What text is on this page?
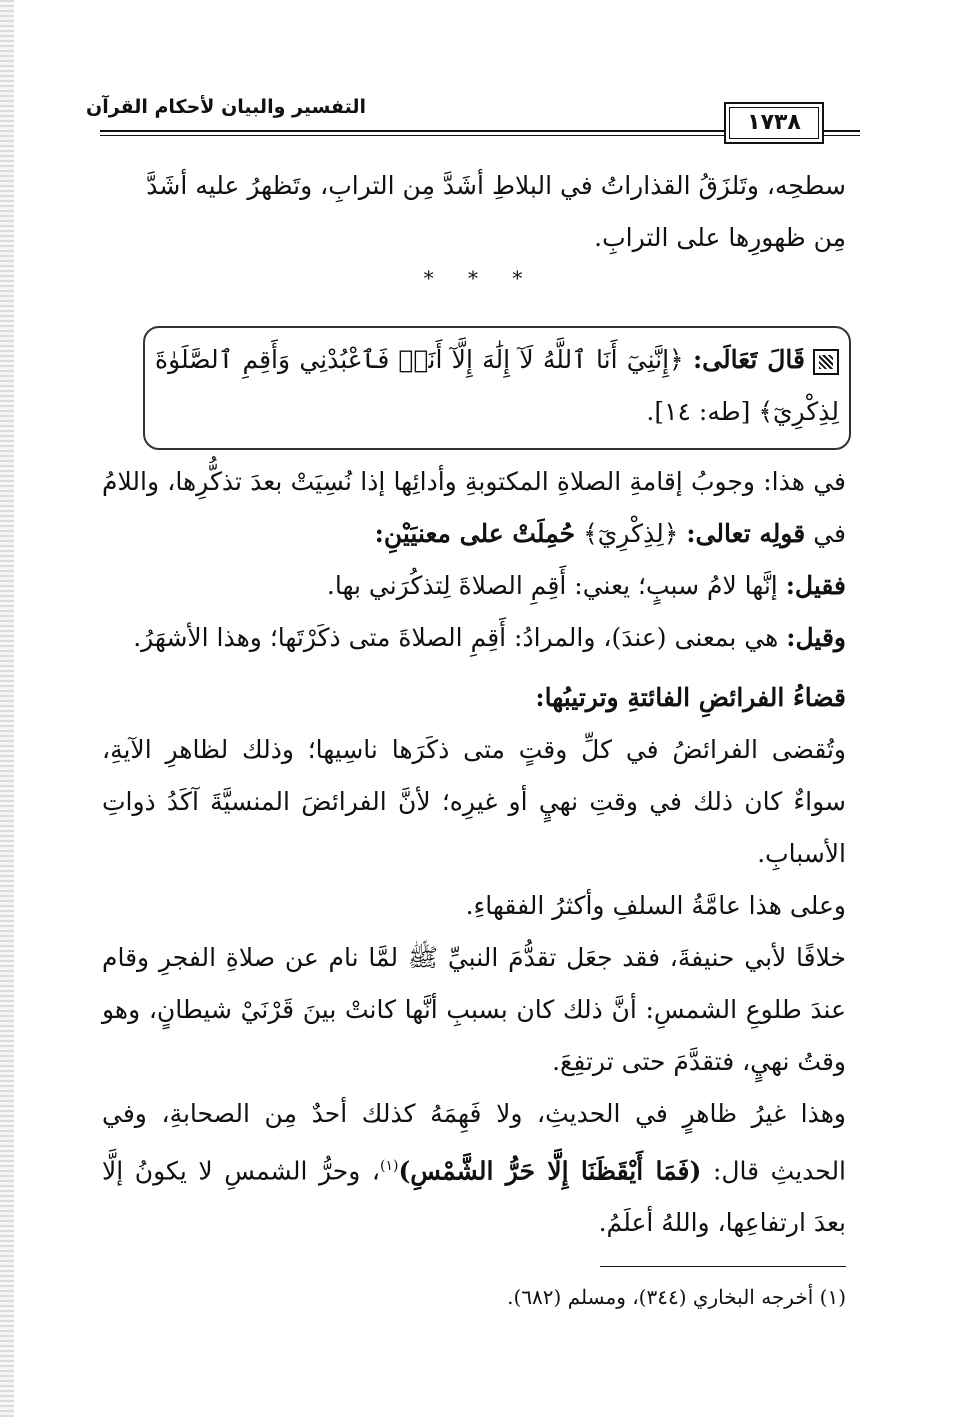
التفسير والبيان لأحكام القرآن
١٧٣٨

سطحِه، وتَلزَقُ القذاراتُ في البلاطِ أشَدَّ مِن الترابِ، وتَظهرُ عليه أشَدَّ

مِن ظهورِها على الترابِ.

* * *
قَالَ تَعَالَى: ﴿إِنَّنِيٓ أَنَا ٱللَّهُ لَآ إِلَٰهَ إِلَّآ أَنَا۠ فَٱعْبُدْنِي وَأَقِمِ ٱلصَّلَوٰةَ لِذِكْرِيٓ﴾ [طه: ١٤].

في هذا: وجوبُ إقامةِ الصلاةِ المكتوبةِ وأدائِها إذا نُسِيَتْ بعدَ تذكُّرِها، واللامُ في قولِه تعالى: ﴿لِذِكْرِيٓ﴾ حُمِلَتْ على معنيَيْنِ:

فقيل: إنَّها لامُ سببٍ؛ يعني: أَقِمِ الصلاةَ لِتذكُرَني بها.

وقيل: هي بمعنى (عندَ)، والمرادُ: أَقِمِ الصلاةَ متى ذكَرْتَها؛ وهذا الأشهَرُ.

قضاءُ الفرائضِ الفائتةِ وترتيبُها:

وتُقضى الفرائضُ في كلِّ وقتٍ متى ذكَرَها ناسِيها؛ وذلك لظاهرِ الآيةِ، سواءٌ كان ذلك في وقتِ نهيٍ أو غيرِه؛ لأنَّ الفرائضَ المنسيَّةَ آكَدُ ذواتِ الأسبابِ.

وعلى هذا عامَّةُ السلفِ وأكثرُ الفقهاءِ.

خلافًا لأبي حنيفةَ، فقد جعَل تقدُّمَ النبيِّ ﷺ لمَّا نام عن صلاةِ الفجرِ وقام عندَ طلوعِ الشمسِ: أنَّ ذلك كان بسببِ أنَّها كانتْ بينَ قَرْنَيْ شيطانٍ، وهو وقتُ نهيٍ، فتقدَّمَ حتى ترتفِعَ.

وهذا غيرُ ظاهرٍ في الحديثِ، ولا فَهِمَهُ كذلك أحدٌ مِن الصحابةِ، وفي الحديثِ قال: (فَمَا أَيْقَظَنَا إِلَّا حَرُّ الشَّمْسِ)$^{(١)}$، وحرُّ الشمسِ لا يكونُ إلَّا بعدَ ارتفاعِها، واللهُ أعلَمُ.

(١) أخرجه البخاري (٣٤٤)، ومسلم (٦٨٢).
